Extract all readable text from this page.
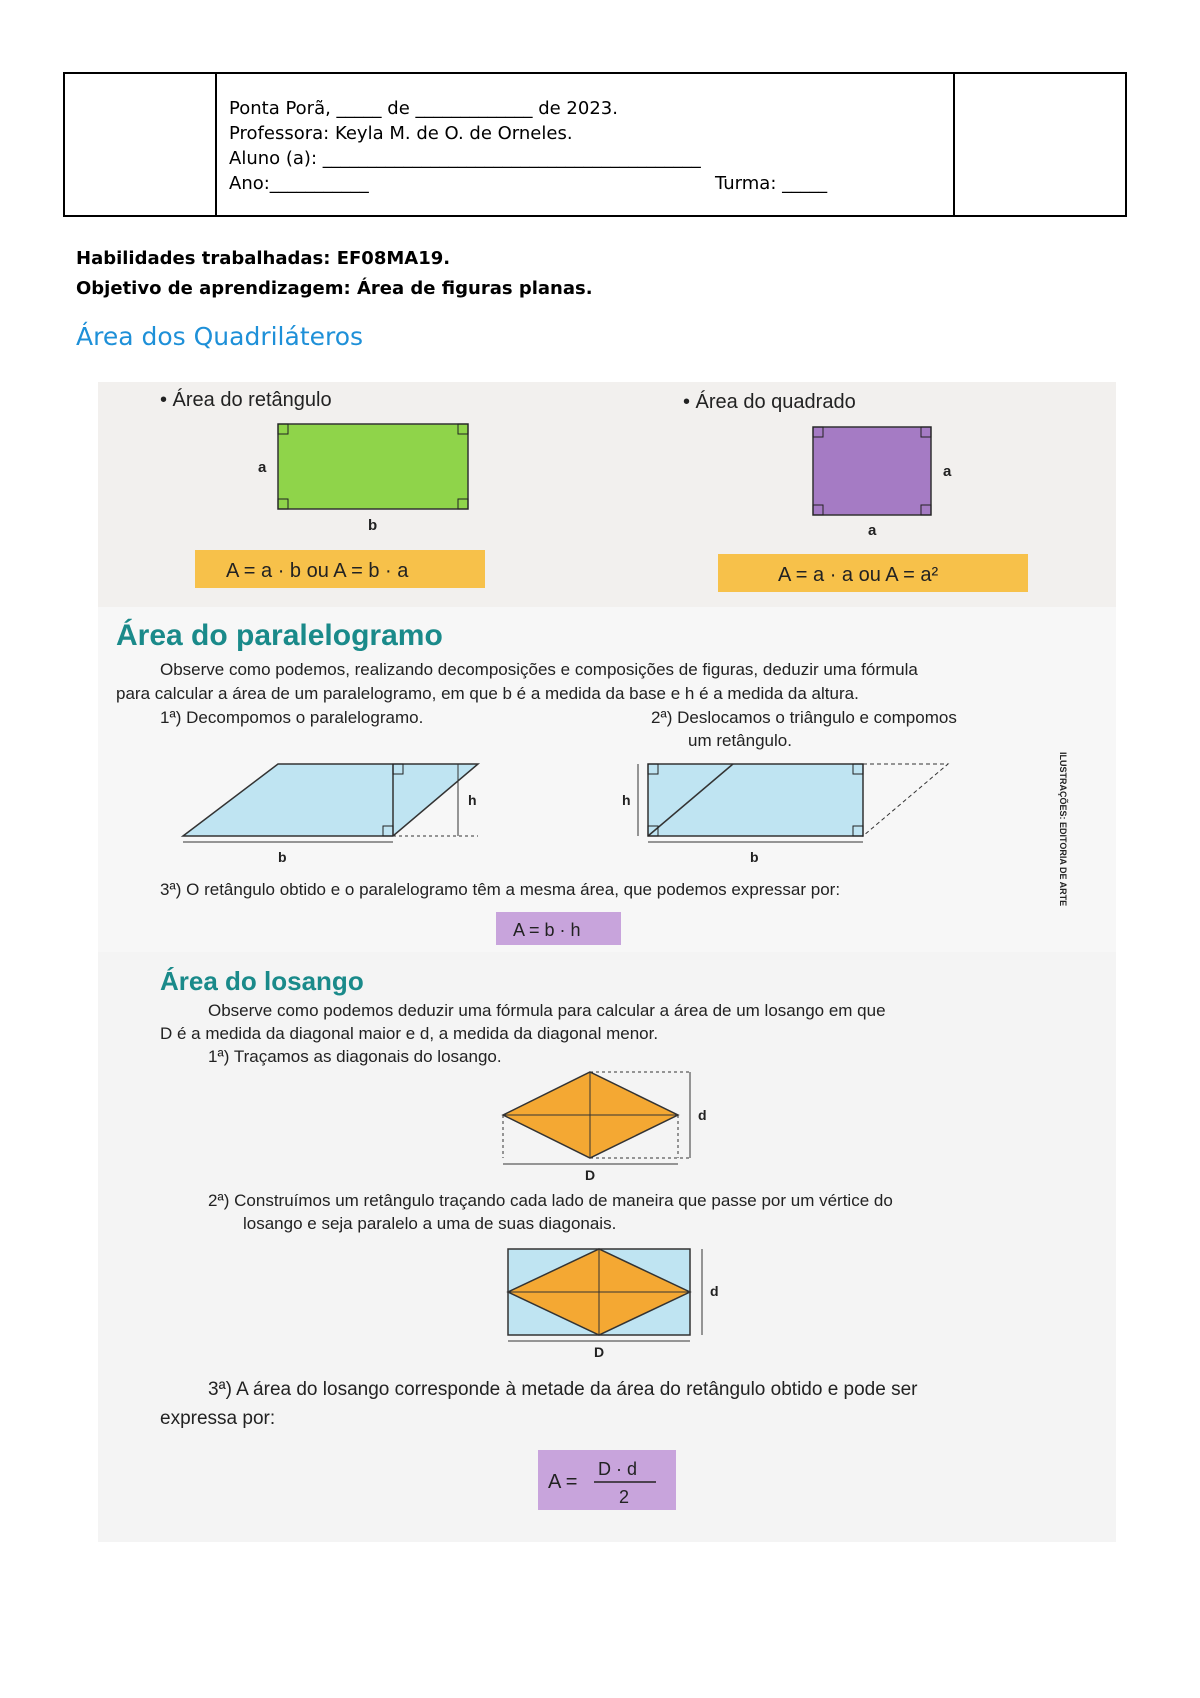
Ponta Porã, _____ de _____________ de 2023.
Professora: Keyla M. de O. de Orneles.
Aluno (a): __________________________________________
Ano:___________	Turma: _____
Habilidades trabalhadas: EF08MA19.
Objetivo de aprendizagem: Área de figuras planas.
Área dos Quadriláteros
• Área do retângulo
a
b
A = a · b ou A = b · a
• Área do quadrado
a
a
A = a · a ou A = a²
Área do paralelogramo
Observe como podemos, realizando decomposições e composições de figuras, deduzir uma fórmula
para calcular a área de um paralelogramo, em que b é a medida da base e h é a medida da altura.
1ª) Decompomos o paralelogramo.	2ª) Deslocamos o triângulo e compomos
um retângulo.
h
b
h
b	ILUSTRAÇÕES: EDITORIA DE ARTE
3ª) O retângulo obtido e o paralelogramo têm a mesma área, que podemos expressar por:
A = b · h
Área do losango
Observe como podemos deduzir uma fórmula para calcular a área de um losango em que
D é a medida da diagonal maior e d, a medida da diagonal menor.
1ª) Traçamos as diagonais do losango.
d
D
2ª) Construímos um retângulo traçando cada lado de maneira que passe por um vértice do
losango e seja paralelo a uma de suas diagonais.
d
D
3ª) A área do losango corresponde à metade da área do retângulo obtido e pode ser
expressa por:
A =
D · d
2
